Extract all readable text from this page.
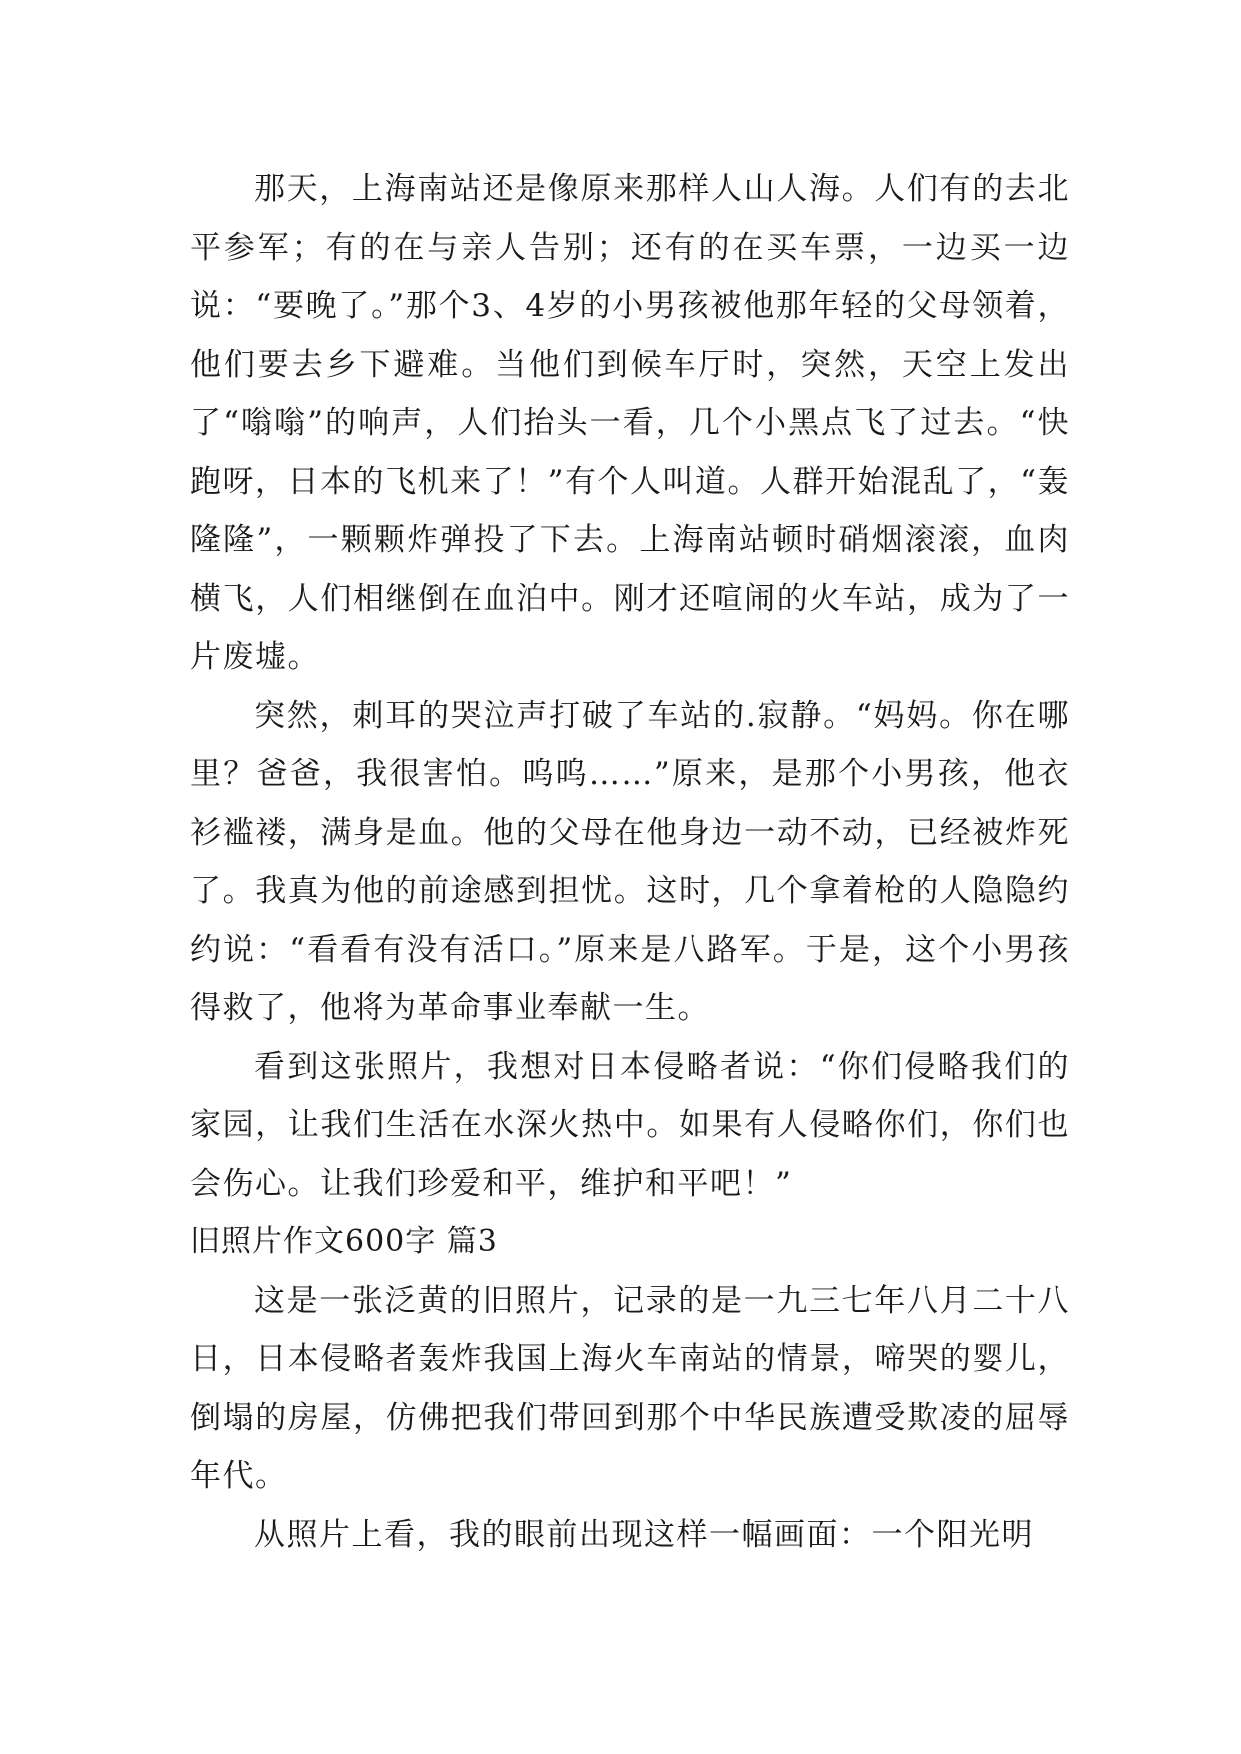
那天，上海南站还是像原来那样人山人海。人们有的去北平参军；有的在与亲人告别；还有的在买车票，一边买一边说：“要晚了。”那个3、4岁的小男孩被他那年轻的父母领着，他们要去乡下避难。当他们到候车厅时，突然，天空上发出了“嗡嗡”的响声，人们抬头一看，几个小黑点飞了过去。“快跑呀，日本的飞机来了！”有个人叫道。人群开始混乱了，“轰隆隆”，一颗颗炸弹投了下去。上海南站顿时硝烟滚滚，血肉横飞，人们相继倒在血泊中。刚才还喧闹的火车站，成为了一片废墟。

突然，刺耳的哭泣声打破了车站的.寂静。“妈妈。你在哪里？爸爸，我很害怕。呜呜……”原来，是那个小男孩，他衣衫褴褛，满身是血。他的父母在他身边一动不动，已经被炸死了。我真为他的前途感到担忧。这时，几个拿着枪的人隐隐约约说：“看看有没有活口。”原来是八路军。于是，这个小男孩得救了，他将为革命事业奉献一生。

看到这张照片，我想对日本侵略者说：“你们侵略我们的家园，让我们生活在水深火热中。如果有人侵略你们，你们也会伤心。让我们珍爱和平，维护和平吧！”

旧照片作文600字 篇3

这是一张泛黄的旧照片，记录的是一九三七年八月二十八日，日本侵略者轰炸我国上海火车南站的情景，啼哭的婴儿，倒塌的房屋，仿佛把我们带回到那个中华民族遭受欺凌的屈辱年代。

从照片上看，我的眼前出现这样一幅画面：一个阳光明
